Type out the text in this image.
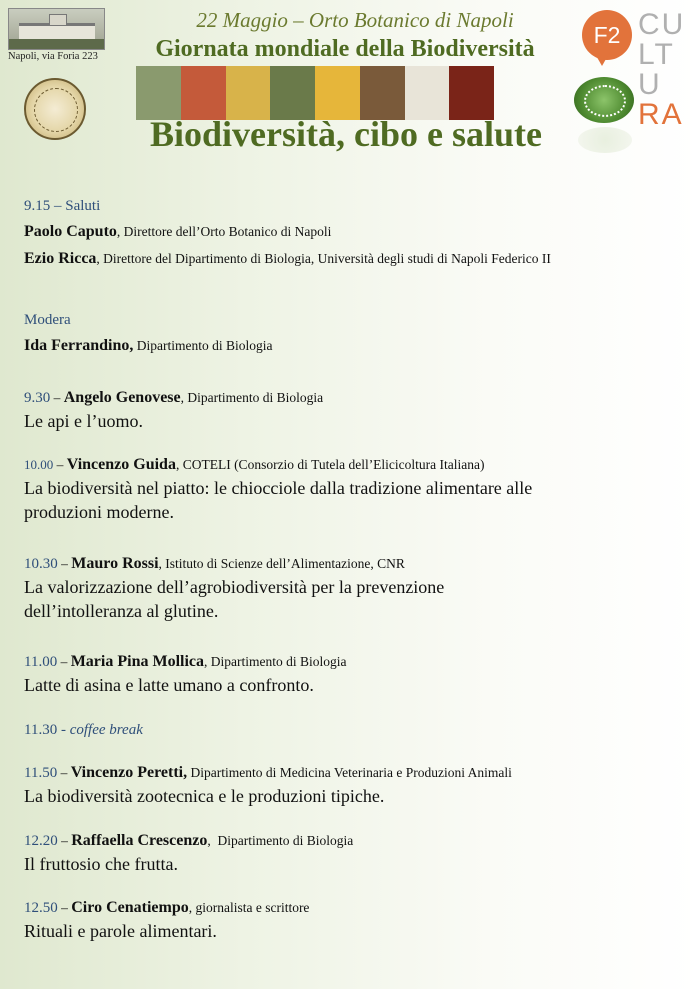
Napoli, via Foria 223
22 Maggio – Orto Botanico di Napoli
Giornata mondiale della Biodiversità
Biodiversità, cibo e salute
F2 CU
LT
U
RA
9.15 – Saluti
Paolo Caputo, Direttore dell’Orto Botanico di Napoli
Ezio Ricca, Direttore del Dipartimento di Biologia, Università degli studi di Napoli Federico II
Modera
Ida Ferrandino, Dipartimento di Biologia
9.30 – Angelo Genovese, Dipartimento di Biologia
Le api e l’uomo.
10.00 – Vincenzo Guida, COTELI (Consorzio di Tutela dell’Elicicoltura Italiana)
La biodiversità nel piatto: le chiocciole dalla tradizione alimentare alle produzioni moderne.
10.30 – Mauro Rossi, Istituto di Scienze dell’Alimentazione, CNR
La valorizzazione dell’agrobiodiversità per la prevenzione dell’intolleranza al glutine.
11.00 – Maria Pina Mollica, Dipartimento di Biologia
Latte di asina e latte umano a confronto.
11.30 - coffee break
11.50 – Vincenzo Peretti, Dipartimento di Medicina Veterinaria e Produzioni Animali
La biodiversità zootecnica e le produzioni tipiche.
12.20 – Raffaella Crescenzo,  Dipartimento di Biologia
Il fruttosio che frutta.
12.50 – Ciro Cenatiempo, giornalista e scrittore
Rituali e parole alimentari.
